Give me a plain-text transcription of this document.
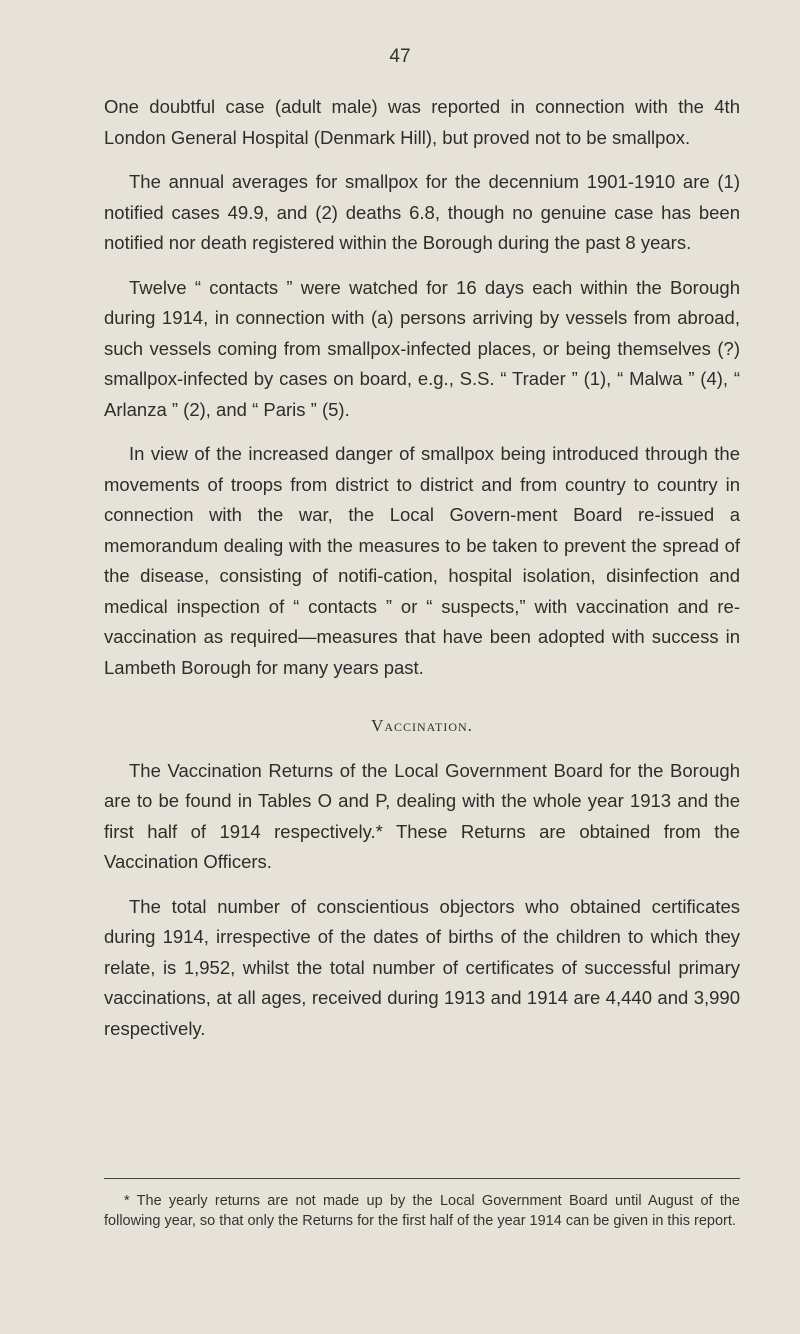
47

One doubtful case (adult male) was reported in connection with the 4th London General Hospital (Denmark Hill), but proved not to be smallpox.

The annual averages for smallpox for the decennium 1901-1910 are (1) notified cases 49.9, and (2) deaths 6.8, though no genuine case has been notified nor death registered within the Borough during the past 8 years.

Twelve “ contacts ” were watched for 16 days each within the Borough during 1914, in connection with (a) persons arriving by vessels from abroad, such vessels coming from smallpox-infected places, or being themselves (?) smallpox-infected by cases on board, e.g., S.S. “ Trader ” (1), “ Malwa ” (4), “ Arlanza ” (2), and “ Paris ” (5).

In view of the increased danger of smallpox being introduced through the movements of troops from district to district and from country to country in connection with the war, the Local Govern-ment Board re-issued a memorandum dealing with the measures to be taken to prevent the spread of the disease, consisting of notifi-cation, hospital isolation, disinfection and medical inspection of “ contacts ” or “ suspects,” with vaccination and re-vaccination as required—measures that have been adopted with success in Lambeth Borough for many years past.

Vaccination.

The Vaccination Returns of the Local Government Board for the Borough are to be found in Tables O and P, dealing with the whole year 1913 and the first half of 1914 respectively.* These Returns are obtained from the Vaccination Officers.

The total number of conscientious objectors who obtained certificates during 1914, irrespective of the dates of births of the children to which they relate, is 1,952, whilst the total number of certificates of successful primary vaccinations, at all ages, received during 1913 and 1914 are 4,440 and 3,990 respectively.

* The yearly returns are not made up by the Local Government Board until August of the following year, so that only the Returns for the first half of the year 1914 can be given in this report.
